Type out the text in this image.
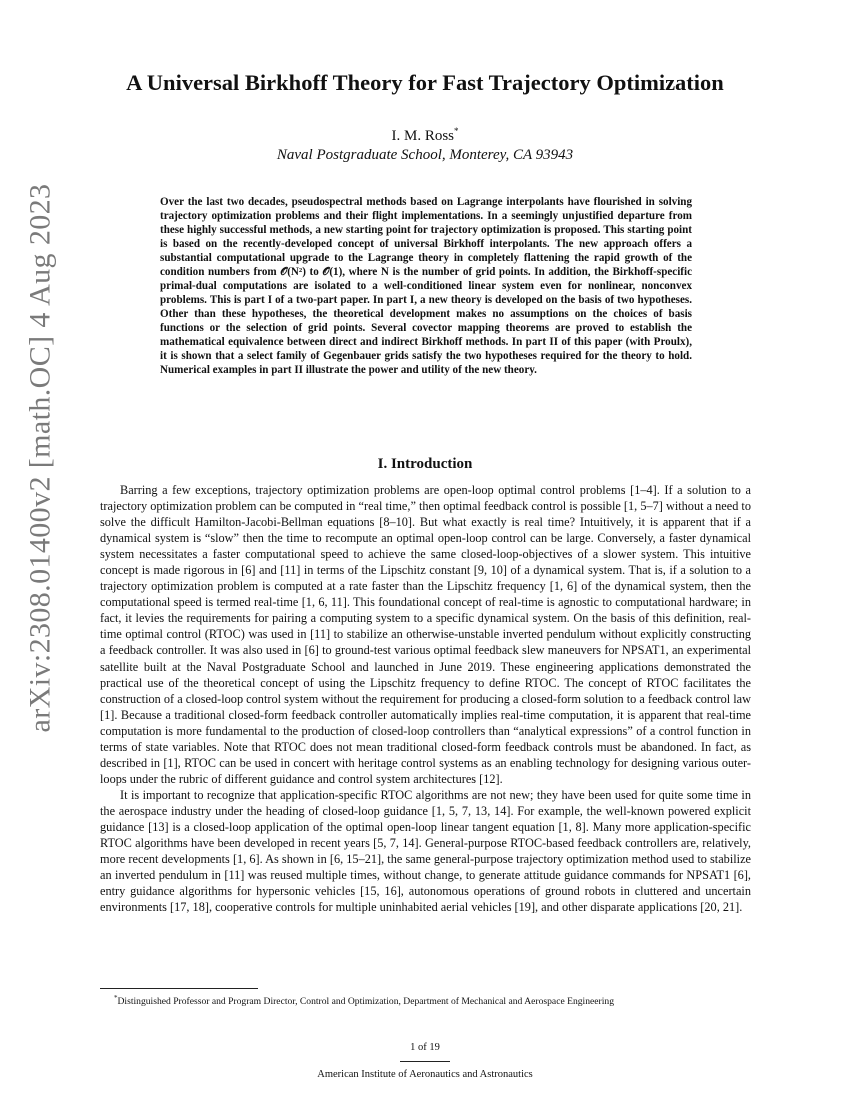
arXiv:2308.01400v2 [math.OC] 4 Aug 2023
A Universal Birkhoff Theory for Fast Trajectory Optimization
I. M. Ross*
Naval Postgraduate School, Monterey, CA 93943

Over the last two decades, pseudospectral methods based on Lagrange interpolants have flourished in solving trajectory optimization problems and their flight implementations. In a seemingly unjustified departure from these highly successful methods, a new starting point for trajectory optimization is proposed. This starting point is based on the recently-developed concept of universal Birkhoff interpolants. The new approach offers a substantial computational upgrade to the Lagrange theory in completely flattening the rapid growth of the condition numbers from 𝒪(N²) to 𝒪(1), where N is the number of grid points. In addition, the Birkhoff-specific primal-dual computations are isolated to a well-conditioned linear system even for nonlinear, nonconvex problems. This is part I of a two-part paper. In part I, a new theory is developed on the basis of two hypotheses. Other than these hypotheses, the theoretical development makes no assumptions on the choices of basis functions or the selection of grid points. Several covector mapping theorems are proved to establish the mathematical equivalence between direct and indirect Birkhoff methods. In part II of this paper (with Proulx), it is shown that a select family of Gegenbauer grids satisfy the two hypotheses required for the theory to hold. Numerical examples in part II illustrate the power and utility of the new theory.

I. Introduction

Barring a few exceptions, trajectory optimization problems are open-loop optimal control problems [1–4]. If a solution to a trajectory optimization problem can be computed in “real time,” then optimal feedback control is possible [1, 5–7] without a need to solve the difficult Hamilton-Jacobi-Bellman equations [8–10]. But what exactly is real time? Intuitively, it is apparent that if a dynamical system is “slow” then the time to recompute an optimal open-loop control can be large. Conversely, a faster dynamical system necessitates a faster computational speed to achieve the same closed-loop-objectives of a slower system. This intuitive concept is made rigorous in [6] and [11] in terms of the Lipschitz constant [9, 10] of a dynamical system. That is, if a solution to a trajectory optimization problem is computed at a rate faster than the Lipschitz frequency [1, 6] of the dynamical system, then the computational speed is termed real-time [1, 6, 11]. This foundational concept of real-time is agnostic to computational hardware; in fact, it levies the requirements for pairing a computing system to a specific dynamical system. On the basis of this definition, real-time optimal control (RTOC) was used in [11] to stabilize an otherwise-unstable inverted pendulum without explicitly constructing a feedback controller. It was also used in [6] to ground-test various optimal feedback slew maneuvers for NPSAT1, an experimental satellite built at the Naval Postgraduate School and launched in June 2019. These engineering applications demonstrated the practical use of the theoretical concept of using the Lipschitz frequency to define RTOC. The concept of RTOC facilitates the construction of a closed-loop control system without the requirement for producing a closed-form solution to a feedback control law [1]. Because a traditional closed-form feedback controller automatically implies real-time computation, it is apparent that real-time computation is more fundamental to the production of closed-loop controllers than “analytical expressions” of a control function in terms of state variables. Note that RTOC does not mean traditional closed-form feedback controls must be abandoned. In fact, as described in [1], RTOC can be used in concert with heritage control systems as an enabling technology for designing various outer-loops under the rubric of different guidance and control system architectures [12].

It is important to recognize that application-specific RTOC algorithms are not new; they have been used for quite some time in the aerospace industry under the heading of closed-loop guidance [1, 5, 7, 13, 14]. For example, the well-known powered explicit guidance [13] is a closed-loop application of the optimal open-loop linear tangent equation [1, 8]. Many more application-specific RTOC algorithms have been developed in recent years [5, 7, 14]. General-purpose RTOC-based feedback controllers are, relatively, more recent developments [1, 6]. As shown in [6, 15–21], the same general-purpose trajectory optimization method used to stabilize an inverted pendulum in [11] was reused multiple times, without change, to generate attitude guidance commands for NPSAT1 [6], entry guidance algorithms for hypersonic vehicles [15, 16], autonomous operations of ground robots in cluttered and uncertain environments [17, 18], cooperative controls for multiple uninhabited aerial vehicles [19], and other disparate applications [20, 21].

*Distinguished Professor and Program Director, Control and Optimization, Department of Mechanical and Aerospace Engineering
1 of 19
American Institute of Aeronautics and Astronautics
